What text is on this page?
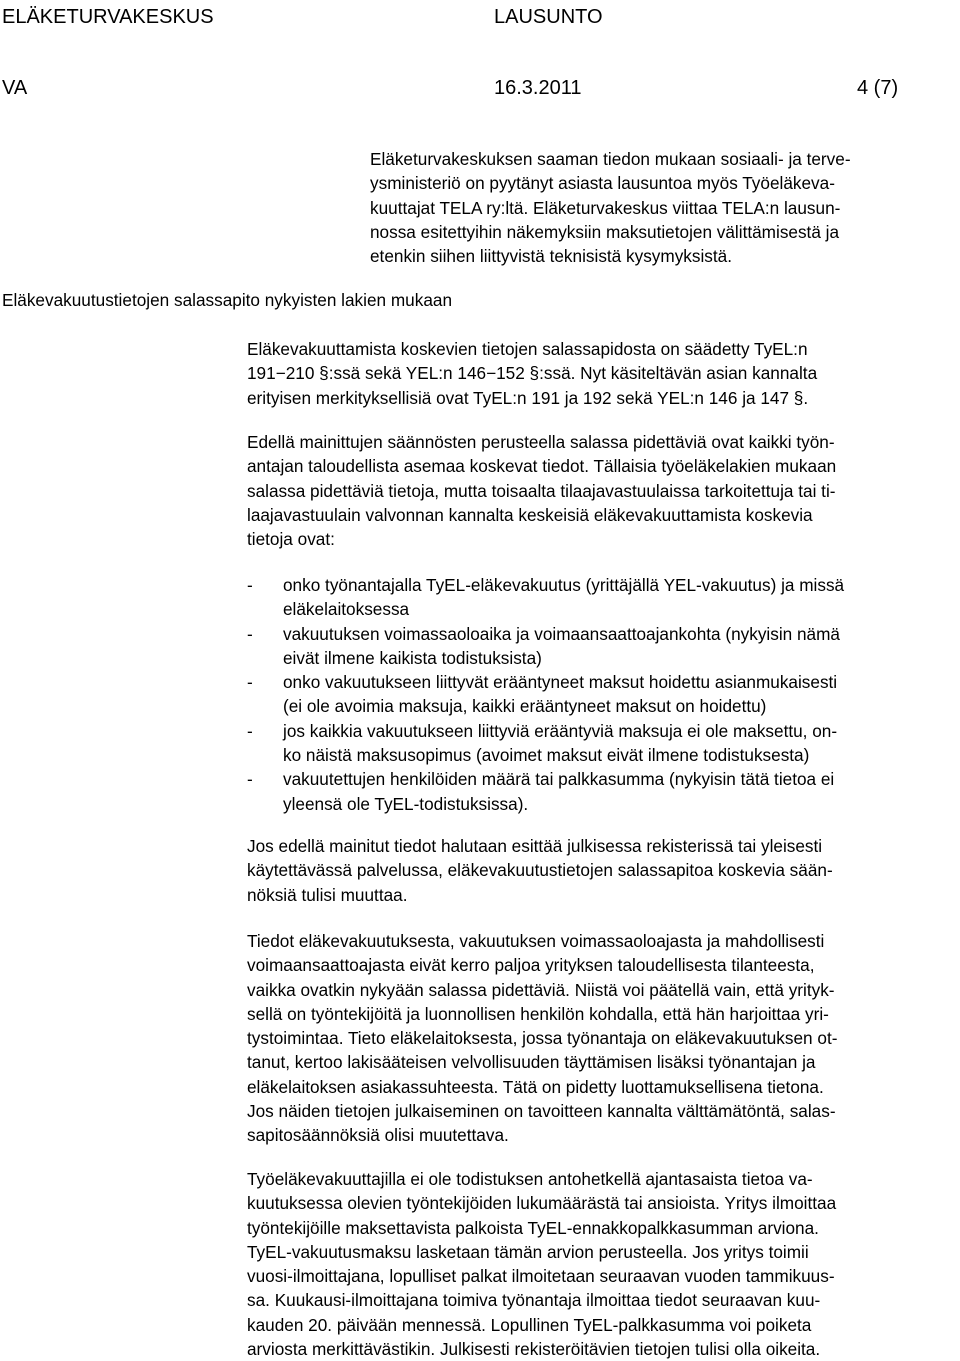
ELÄKETURVAKESKUS	LAUSUNTO
VA	16.3.2011	4 (7)
Eläketurvakeskuksen saaman tiedon mukaan sosiaali- ja terve-
ysministeriö on pyytänyt asiasta lausuntoa myös Työeläkeva-
kuuttajat TELA ry:ltä. Eläketurvakeskus viittaa TELA:n lausun-
nossa esitettyihin näkemyksiin maksutietojen välittämisestä ja
etenkin siihen liittyvistä teknisistä kysymyksistä.
Eläkevakuutustietojen salassapito nykyisten lakien mukaan
Eläkevakuuttamista koskevien tietojen salassapidosta on säädetty TyEL:n
191−210 §:ssä sekä YEL:n 146−152 §:ssä. Nyt käsiteltävän asian kannalta
erityisen merkityksellisiä ovat TyEL:n 191 ja 192 sekä YEL:n 146 ja 147 §.
Edellä mainittujen säännösten perusteella salassa pidettäviä ovat kaikki työn-
antajan taloudellista asemaa koskevat tiedot. Tällaisia työeläkelakien mukaan
salassa pidettäviä tietoja, mutta toisaalta tilaajavastuulaissa tarkoitettuja tai ti-
laajavastuulain valvonnan kannalta keskeisiä eläkevakuuttamista koskevia
tietoja ovat:
- onko työnantajalla TyEL-eläkevakuutus (yrittäjällä YEL-vakuutus) ja missä
eläkelaitoksessa
- vakuutuksen voimassaoloaika ja voimaansaattoajankohta (nykyisin nämä
eivät ilmene kaikista todistuksista)
- onko vakuutukseen liittyvät erääntyneet maksut hoidettu asianmukaisesti
(ei ole avoimia maksuja, kaikki erääntyneet maksut on hoidettu)
- jos kaikkia vakuutukseen liittyviä erääntyviä maksuja ei ole maksettu, on-
ko näistä maksusopimus (avoimet maksut eivät ilmene todistuksesta)
- vakuutettujen henkilöiden määrä tai palkkasumma (nykyisin tätä tietoa ei
yleensä ole TyEL-todistuksissa).
Jos edellä mainitut tiedot halutaan esittää julkisessa rekisterissä tai yleisesti
käytettävässä palvelussa, eläkevakuutustietojen salassapitoa koskevia sään-
nöksiä tulisi muuttaa.
Tiedot eläkevakuutuksesta, vakuutuksen voimassaoloajasta ja mahdollisesti
voimaansaattoajasta eivät kerro paljoa yrityksen taloudellisesta tilanteesta,
vaikka ovatkin nykyään salassa pidettäviä. Niistä voi päätellä vain, että yrityk-
sellä on työntekijöitä ja luonnollisen henkilön kohdalla, että hän harjoittaa yri-
tystoimintaa. Tieto eläkelaitoksesta, jossa työnantaja on eläkevakuutuksen ot-
tanut, kertoo lakisääteisen velvollisuuden täyttämisen lisäksi työnantajan ja
eläkelaitoksen asiakassuhteesta. Tätä on pidetty luottamuksellisena tietona.
Jos näiden tietojen julkaiseminen on tavoitteen kannalta välttämätöntä, salas-
sapitosäännöksiä olisi muutettava.
Työeläkevakuuttajilla ei ole todistuksen antohetkellä ajantasaista tietoa va-
kuutuksessa olevien työntekijöiden lukumäärästä tai ansioista. Yritys ilmoittaa
työntekijöille maksettavista palkoista TyEL-ennakkopalkkasumman arviona.
TyEL-vakuutusmaksu lasketaan tämän arvion perusteella. Jos yritys toimii
vuosi-ilmoittajana, lopulliset palkat ilmoitetaan seuraavan vuoden tammikuus-
sa. Kuukausi-ilmoittajana toimiva työnantaja ilmoittaa tiedot seuraavan kuu-
kauden 20. päivään mennessä. Lopullinen TyEL-palkkasumma voi poiketa
arviosta merkittävästikin. Julkisesti rekisteröitävien tietojen tulisi olla oikeita.
